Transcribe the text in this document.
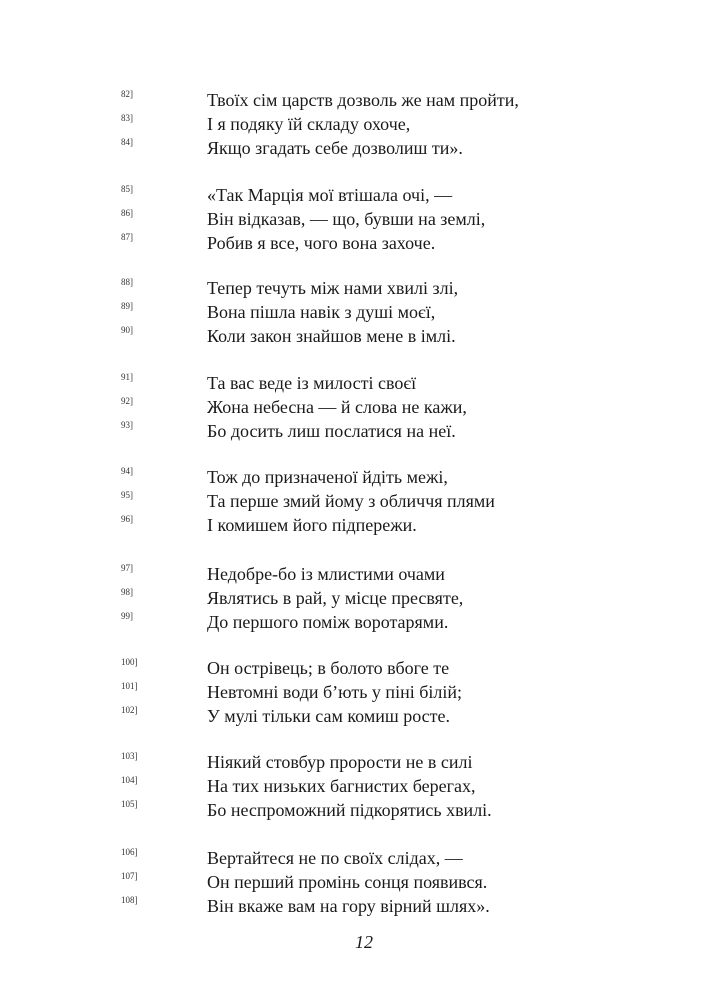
82]	Твоїх сім царств дозволь же нам пройти,
83]	І я подяку їй складу охоче,
84]	Якщо згадать себе дозволиш ти».
85]	«Так Марція мої втішала очі, —
86]	Він відказав, — що, бувши на землі,
87]	Робив я все, чого вона захоче.
88]	Тепер течуть між нами хвилі злі,
89]	Вона пішла навік з душі моєї,
90]	Коли закон знайшов мене в імлі.
91]	Та вас веде із милості своєї
92]	Жона небесна — й слова не кажи,
93]	Бо досить лиш послатися на неї.
94]	Тож до призначеної йдіть межі,
95]	Та перше змий йому з обличчя плями
96]	І комишем його підпережи.
97]	Недобре-бо із млистими очами
98]	Являтись в рай, у місце пресвяте,
99]	До першого поміж воротарями.
100]	Он острівець; в болото вбоге те
101]	Невтомні води б’ють у піні білій;
102]	У мулі тільки сам комиш росте.
103]	Ніякий стовбур прорости не в силі
104]	На тих низьких багнистих берегах,
105]	Бо неспроможний підкорятись хвилі.
106]	Вертайтеся не по своїх слідах, —
107]	Он перший промінь сонця появився.
108]	Він вкаже вам на гору вірний шлях».
12
